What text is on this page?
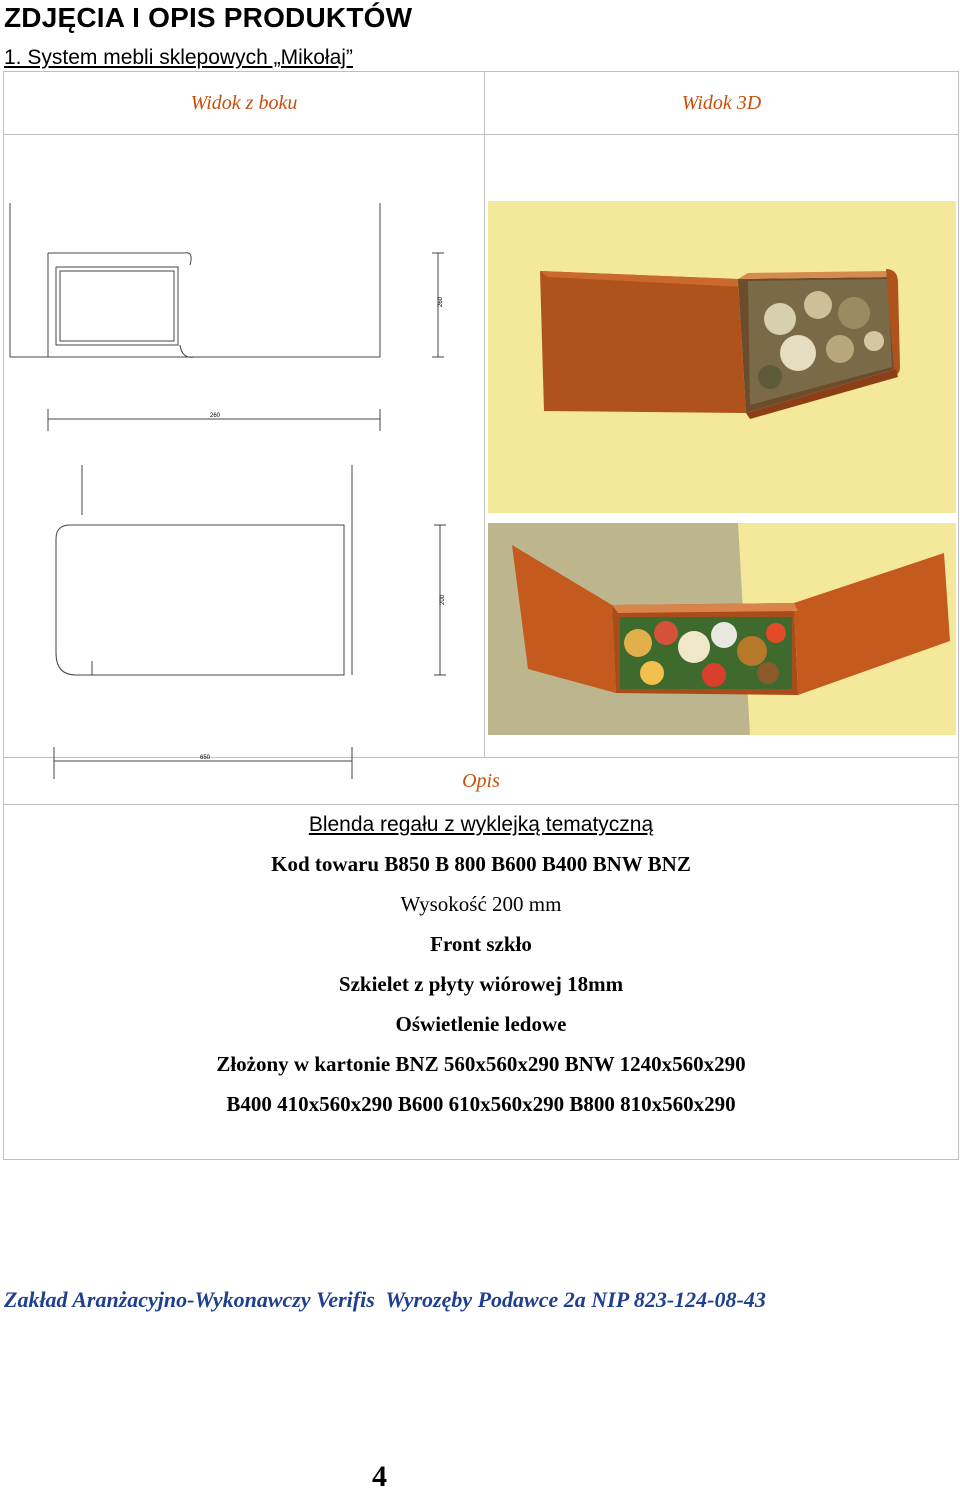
ZDJĘCIA I OPIS PRODUKTÓW
1. System mebli sklepowych „Mikołaj”
Widok z boku	Widok 3D
260
260
200
650
Opis
Blenda regału z wyklejką tematyczną
Kod towaru B850 B 800 B600 B400 BNW BNZ
Wysokość 200 mm
Front szkło
Szkielet z płyty wiórowej 18mm
Oświetlenie ledowe
Złożony w kartonie BNZ 560x560x290 BNW 1240x560x290
B400 410x560x290 B600 610x560x290 B800 810x560x290
Zakład Aranżacyjno-Wykonawczy Verifis  Wyrozęby Podawce 2a NIP 823-124-08-43
4
